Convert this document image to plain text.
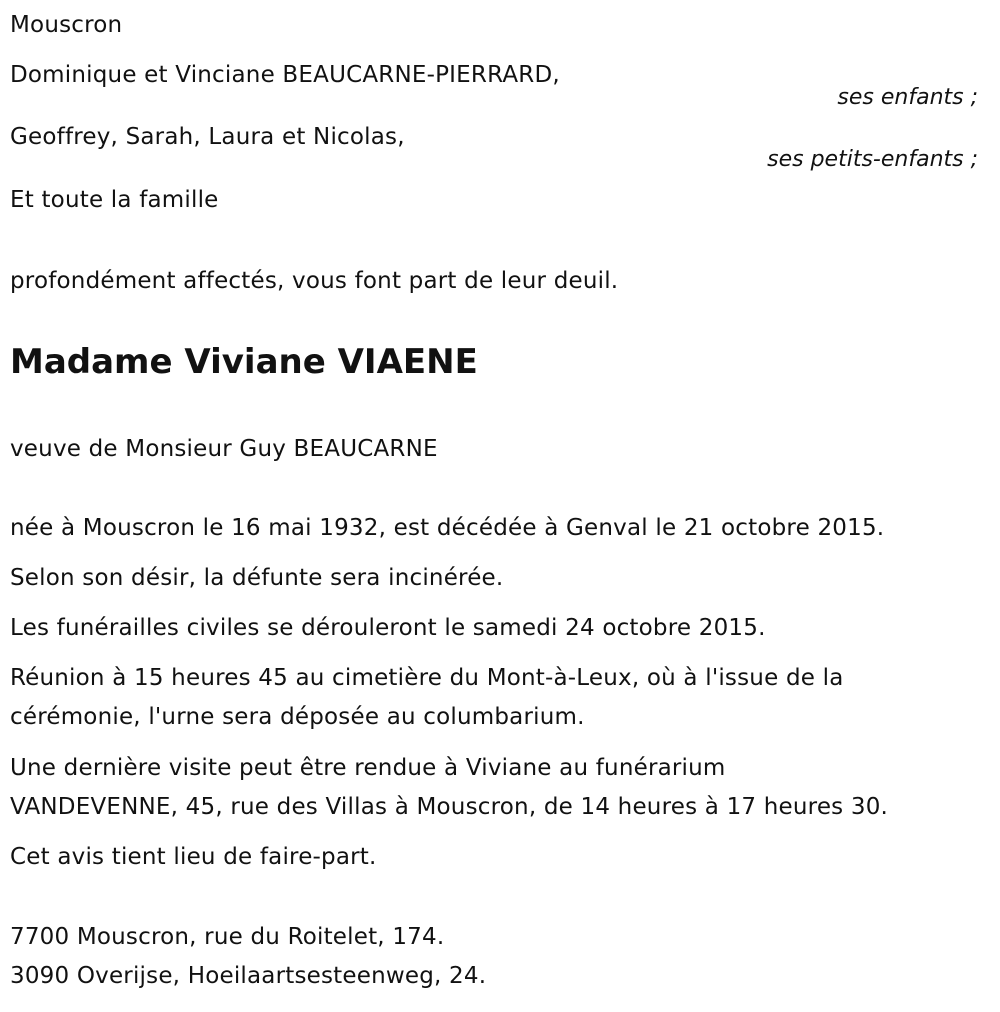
Mouscron
Dominique et Vinciane BEAUCARNE-PIERRARD,
ses enfants ;
Geoffrey, Sarah, Laura et Nicolas,
ses petits-enfants ;
Et toute la famille
profondément affectés, vous font part de leur deuil.
Madame Viviane VIAENE
veuve de Monsieur Guy BEAUCARNE
née à Mouscron le 16 mai 1932, est décédée à Genval le 21 octobre 2015.
Selon son désir, la défunte sera incinérée.
Les funérailles civiles se dérouleront le samedi 24 octobre 2015.
Réunion à 15 heures 45 au cimetière du Mont-à-Leux, où à l'issue de la
cérémonie, l'urne sera déposée au columbarium.
Une dernière visite peut être rendue à Viviane au funérarium
VANDEVENNE, 45, rue des Villas à Mouscron, de 14 heures à 17 heures 30.
Cet avis tient lieu de faire-part.
7700 Mouscron, rue du Roitelet, 174.
3090 Overijse, Hoeilaartsesteenweg, 24.
